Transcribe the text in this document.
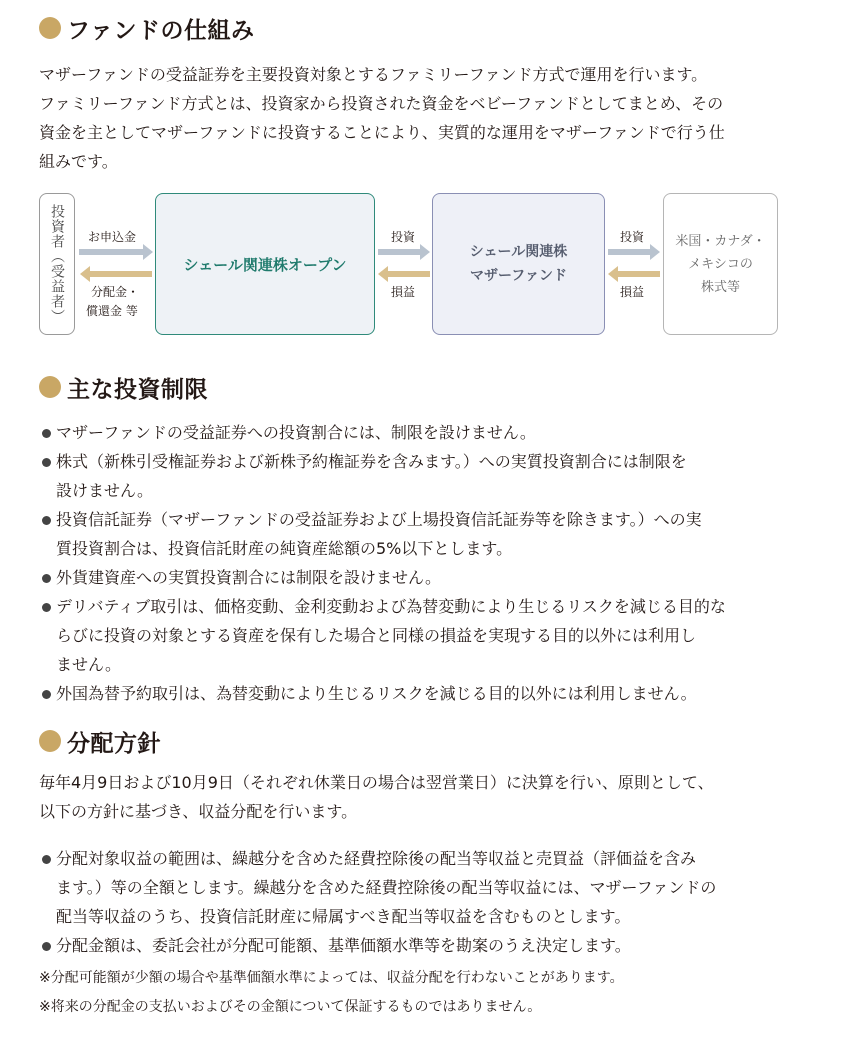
ファンドの仕組み
マザーファンドの受益証券を主要投資対象とするファミリーファンド方式で運用を行います。
ファミリーファンド方式とは、投資家から投資された資金をベビーファンドとしてまとめ、その
資金を主としてマザーファンドに投資することにより、実質的な運用をマザーファンドで行う仕
組みです。
投資者（受益者） お申込金
分配金・
償還金 等
シェール関連株オープン
投資
損益
シェール関連株
マザーファンド
投資
損益
米国・カナダ・
メキシコの
株式等
主な投資制限
マザーファンドの受益証券への投資割合には、制限を設けません。
株式（新株引受権証券および新株予約権証券を含みます。）への実質投資割合には制限を
設けません。
投資信託証券（マザーファンドの受益証券および上場投資信託証券等を除きます。）への実
質投資割合は、投資信託財産の純資産総額の5%以下とします。
外貨建資産への実質投資割合には制限を設けません。
デリバティブ取引は、価格変動、金利変動および為替変動により生じるリスクを減じる目的な
らびに投資の対象とする資産を保有した場合と同様の損益を実現する目的以外には利用し
ません。
外国為替予約取引は、為替変動により生じるリスクを減じる目的以外には利用しません。
分配方針
毎年4月9日および10月9日（それぞれ休業日の場合は翌営業日）に決算を行い、原則として、
以下の方針に基づき、収益分配を行います。
分配対象収益の範囲は、繰越分を含めた経費控除後の配当等収益と売買益（評価益を含み
ます。）等の全額とします。繰越分を含めた経費控除後の配当等収益には、マザーファンドの
配当等収益のうち、投資信託財産に帰属すべき配当等収益を含むものとします。
分配金額は、委託会社が分配可能額、基準価額水準等を勘案のうえ決定します。
※分配可能額が少額の場合や基準価額水準によっては、収益分配を行わないことがあります。
※将来の分配金の支払いおよびその金額について保証するものではありません。
